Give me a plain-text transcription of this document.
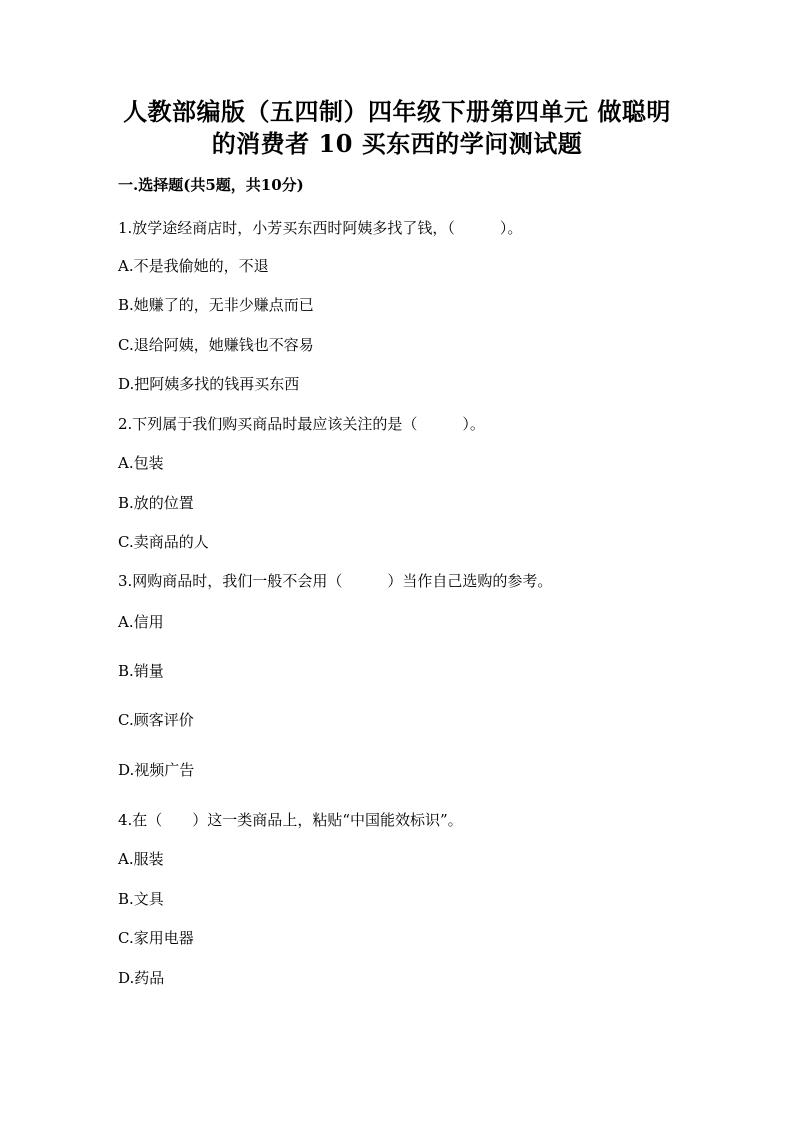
人教部编版（五四制）四年级下册第四单元 做聪明
的消费者 10 买东西的学问测试题
一.选择题(共5题，共10分)
1.放学途经商店时，小芳买东西时阿姨多找了钱，（　　　）。
A.不是我偷她的，不退
B.她赚了的，无非少赚点而已
C.退给阿姨，她赚钱也不容易
D.把阿姨多找的钱再买东西
2.下列属于我们购买商品时最应该关注的是（　　　）。
A.包装
B.放的位置
C.卖商品的人
3.网购商品时，我们一般不会用（　　　）当作自己选购的参考。
A.信用
B.销量
C.顾客评价
D.视频广告
4.在（　　）这一类商品上，粘贴“中国能效标识”。
A.服装
B.文具
C.家用电器
D.药品
